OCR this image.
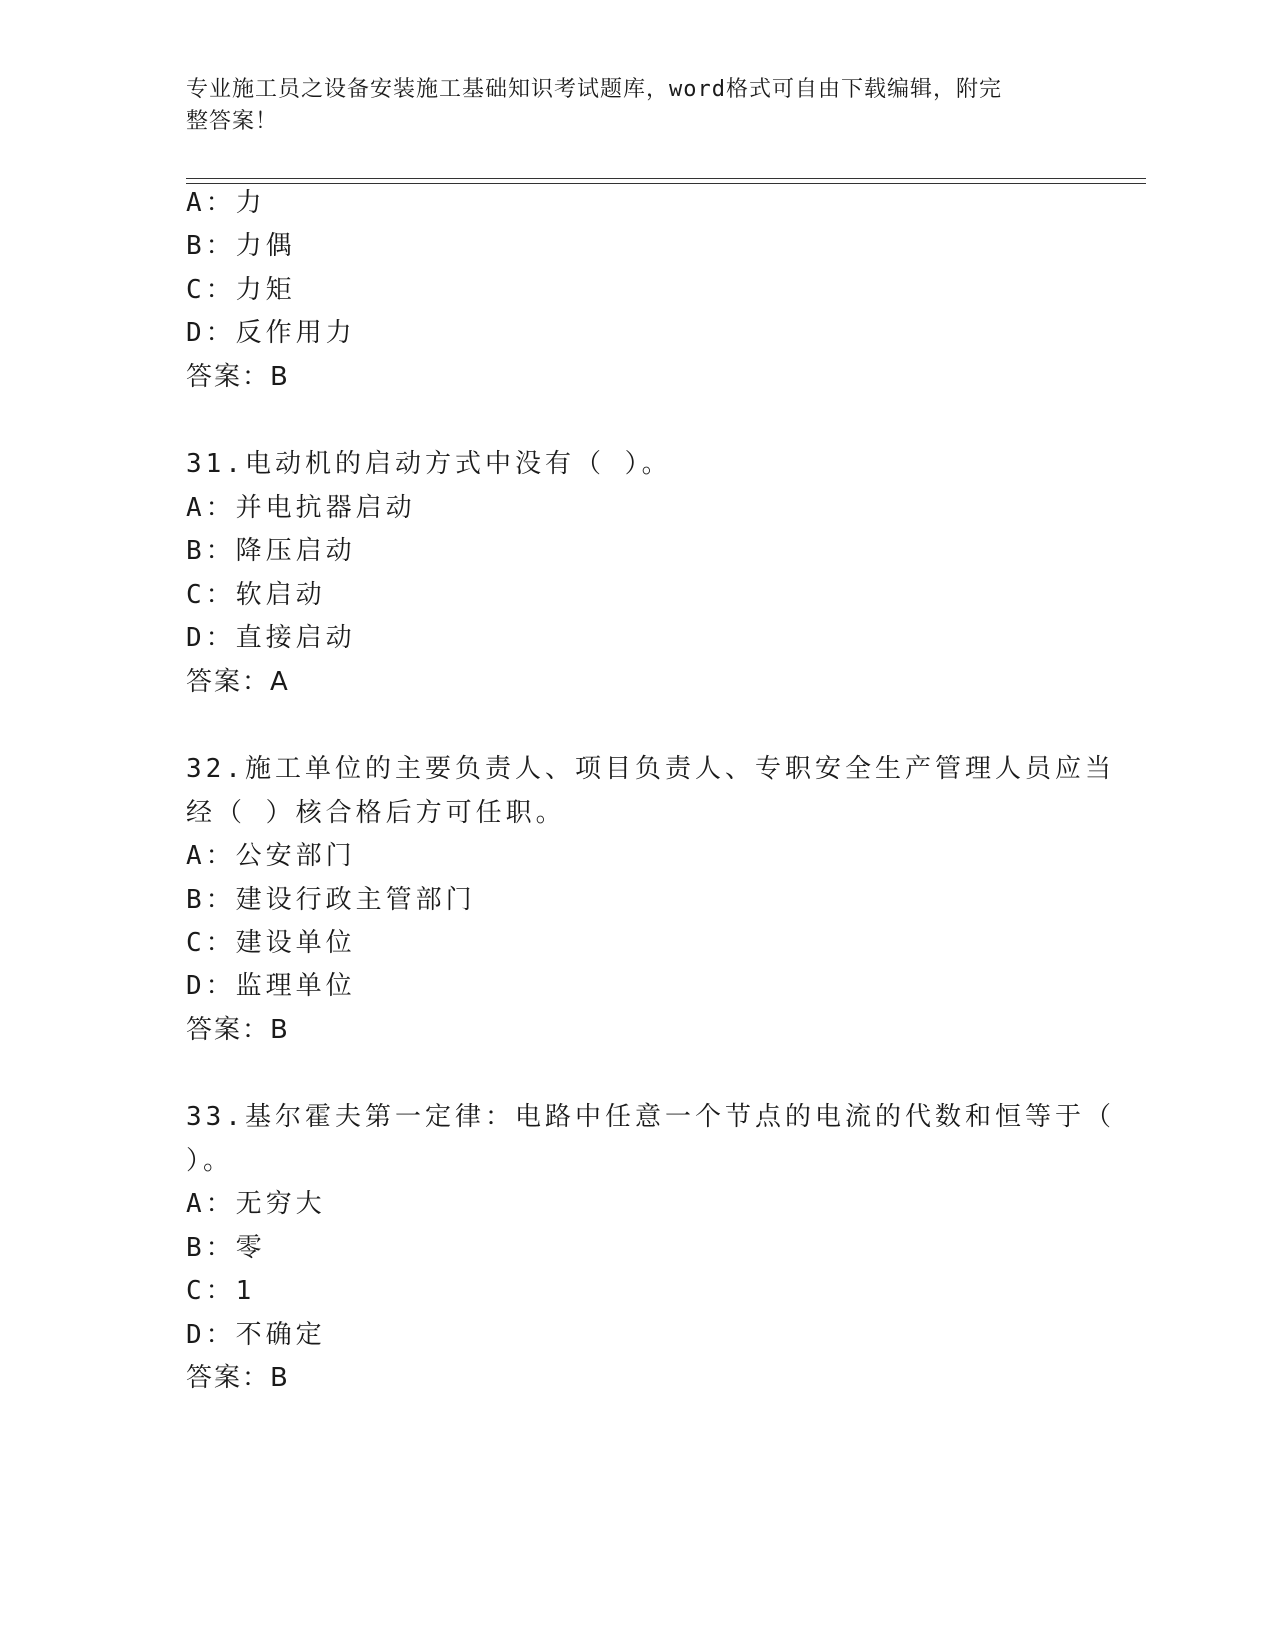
专业施工员之设备安装施工基础知识考试题库，word格式可自由下载编辑，附完
整答案！
A：力
B：力偶
C：力矩
D：反作用力
答案：B
31.电动机的启动方式中没有（ ）。
A：并电抗器启动
B：降压启动
C：软启动
D：直接启动
答案：A
32.施工单位的主要负责人、项目负责人、专职安全生产管理人员应当
经（ ）核合格后方可任职。
A：公安部门
B：建设行政主管部门
C：建设单位
D：监理单位
答案：B
33.基尔霍夫第一定律：电路中任意一个节点的电流的代数和恒等于（
）。
A：无穷大
B：零
C：1
D：不确定
答案：B
